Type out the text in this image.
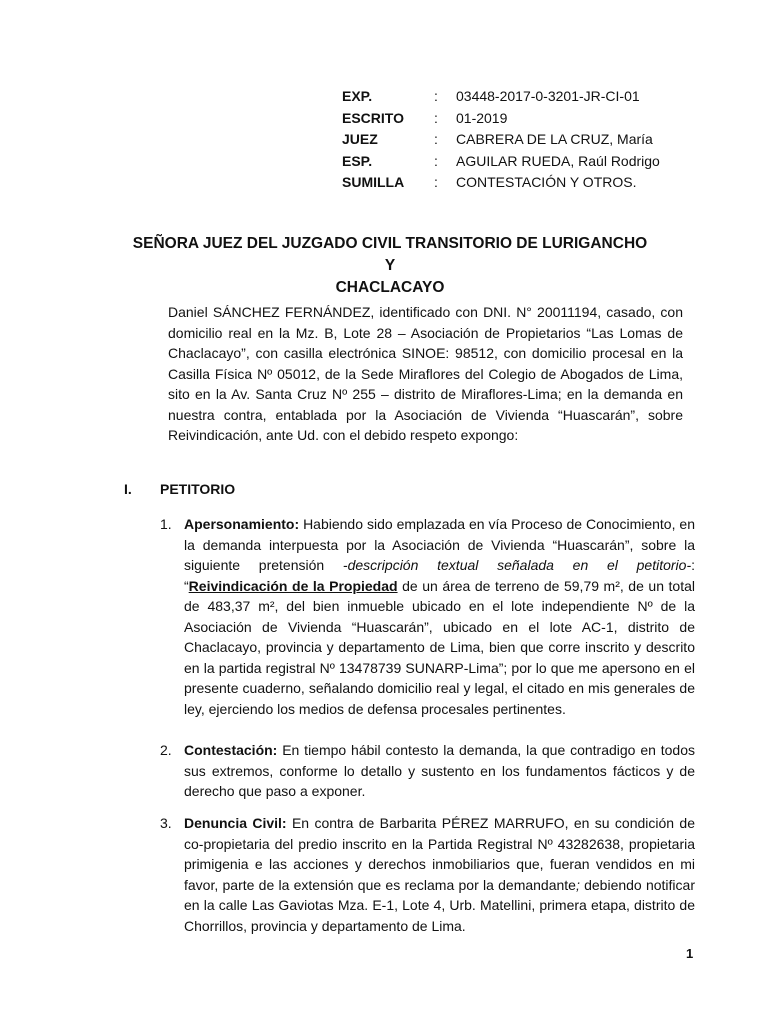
EXP.	:	03448-2017-0-3201-JR-CI-01
ESCRITO	:	01-2019
JUEZ	:	CABRERA DE LA CRUZ, María
ESP.	:	AGUILAR RUEDA, Raúl Rodrigo
SUMILLA	:	CONTESTACIÓN Y OTROS.
SEÑORA JUEZ DEL JUZGADO CIVIL TRANSITORIO DE LURIGANCHO Y
CHACLACAYO
Daniel SÁNCHEZ FERNÁNDEZ, identificado con DNI. N° 20011194, casado, con domicilio real en la Mz. B, Lote 28 – Asociación de Propietarios “Las Lomas de Chaclacayo”, con casilla electrónica SINOE: 98512, con domicilio procesal en la Casilla Física Nº 05012, de la Sede Miraflores del Colegio de Abogados de Lima, sito en la Av. Santa Cruz Nº 255 – distrito de Miraflores-Lima; en la demanda en nuestra contra, entablada por la Asociación de Vivienda “Huascarán”, sobre Reivindicación, ante Ud. con el debido respeto expongo:
I.	PETITORIO
1. Apersonamiento: Habiendo sido emplazada en vía Proceso de Conocimiento, en la demanda interpuesta por la Asociación de Vivienda “Huascarán”, sobre la siguiente pretensión -descripción textual señalada en el petitorio-: “Reivindicación de la Propiedad de un área de terreno de 59,79 m², de un total de 483,37 m², del bien inmueble ubicado en el lote independiente Nº de la Asociación de Vivienda “Huascarán”, ubicado en el lote AC-1, distrito de Chaclacayo, provincia y departamento de Lima, bien que corre inscrito y descrito en la partida registral Nº 13478739 SUNARP-Lima”; por lo que me apersono en el presente cuaderno, señalando domicilio real y legal, el citado en mis generales de ley, ejerciendo los medios de defensa procesales pertinentes.
2. Contestación: En tiempo hábil contesto la demanda, la que contradigo en todos sus extremos, conforme lo detallo y sustento en los fundamentos fácticos y de derecho que paso a exponer.
3. Denuncia Civil: En contra de Barbarita PÉREZ MARRUFO, en su condición de co-propietaria del predio inscrito en la Partida Registral Nº 43282638, propietaria primigenia e las acciones y derechos inmobiliarios que, fueran vendidos en mi favor, parte de la extensión que es reclama por la demandante; debiendo notificar en la calle Las Gaviotas Mza. E-1, Lote 4, Urb. Matellini, primera etapa, distrito de Chorrillos, provincia y departamento de Lima.
1
